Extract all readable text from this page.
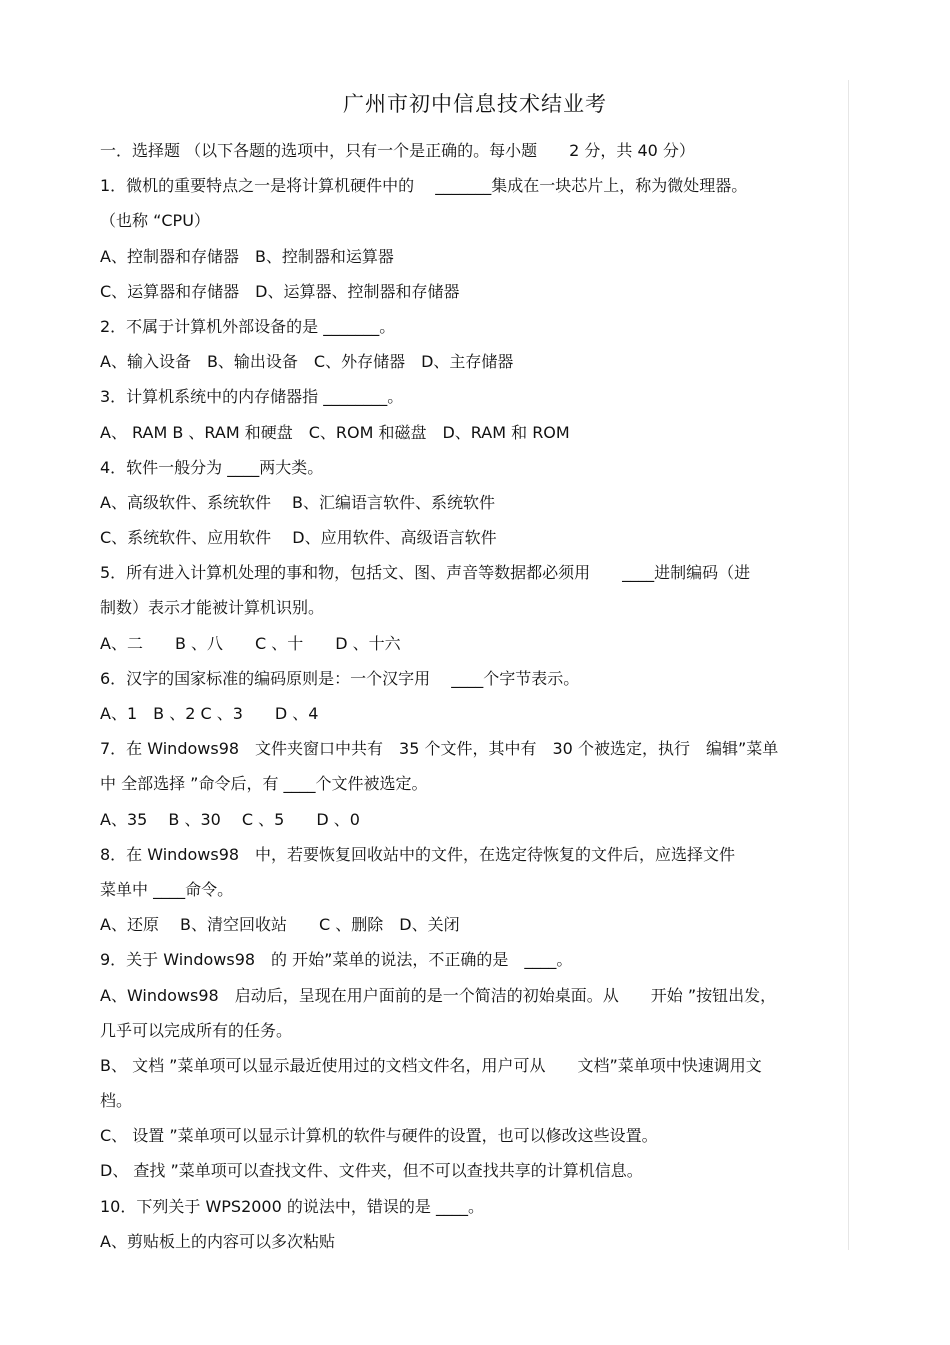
广州市初中信息技术结业考
一．选择题 （以下各题的选项中，只有一个是正确的。每小题　　2 分，共 40 分）
1．微机的重要特点之一是将计算机硬件中的　 _______集成在一块芯片上，称为微处理器。
（也称 “CPU）
A、控制器和存储器　B、控制器和运算器
C、运算器和存储器　D、运算器、控制器和存储器
2．不属于计算机外部设备的是 _______。
A、输入设备　B、输出设备　C、外存储器　D、主存储器
3．计算机系统中的内存储器指 ________。
A、 RAM B 、RAM 和硬盘　C、ROM 和磁盘　D、RAM 和 ROM
4．软件一般分为 ____两大类。
A、高级软件、系统软件　 B、汇编语言软件、系统软件
C、系统软件、应用软件　 D、应用软件、高级语言软件
5．所有进入计算机处理的事和物，包括文、图、声音等数据都必须用　　____进制编码（进
制数）表示才能被计算机识别。
A、二　　B 、八　　C 、十　　D 、十六
6．汉字的国家标准的编码原则是：一个汉字用　 ____个字节表示。
A、1　B 、2 C 、3　　D 、4
7．在 Windows98　文件夹窗口中共有　35 个文件，其中有　30 个被选定，执行　编辑”菜单
中 全部选择 ”命令后，有 ____个文件被选定。
A、35　 B 、30　 C 、5　　D 、0
8．在 Windows98　中，若要恢复回收站中的文件，在选定待恢复的文件后，应选择文件
菜单中 ____命令。
A、还原　 B、清空回收站　　C 、删除　D、关闭
9．关于 Windows98　的 开始”菜单的说法，不正确的是　____。
A、Windows98　启动后，呈现在用户面前的是一个简洁的初始桌面。从　　开始 ”按钮出发，
几乎可以完成所有的任务。
B、 文档 ”菜单项可以显示最近使用过的文档文件名，用户可从　　文档”菜单项中快速调用文
档。
C、 设置 ”菜单项可以显示计算机的软件与硬件的设置，也可以修改这些设置。
D、 查找 ”菜单项可以查找文件、文件夹，但不可以查找共享的计算机信息。
10．下列关于 WPS2000 的说法中，错误的是 ____。
A、剪贴板上的内容可以多次粘贴
